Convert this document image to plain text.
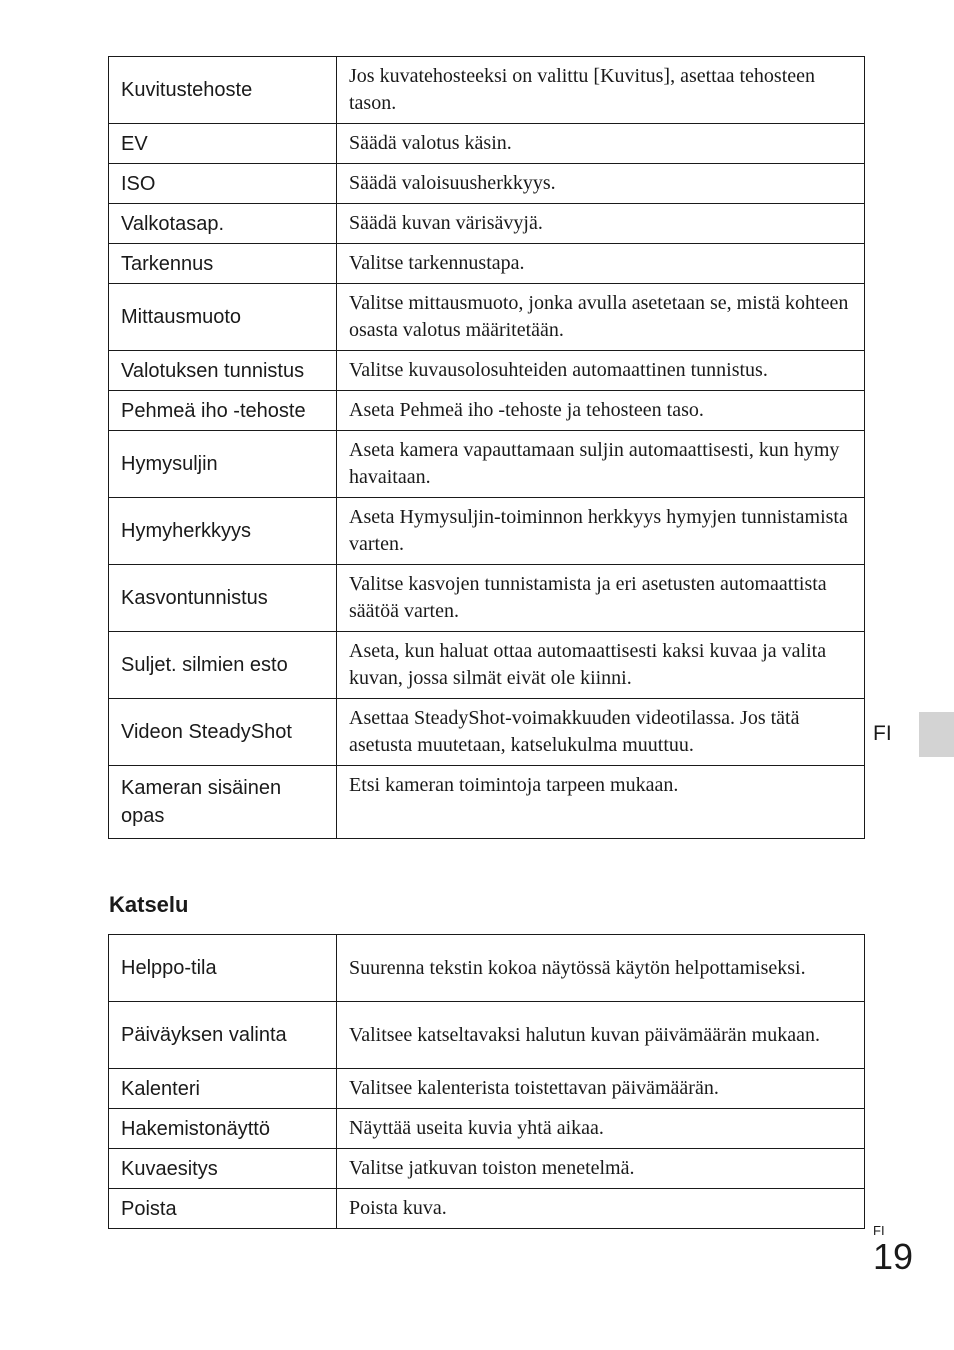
Kuvitustehoste	Jos kuvatehosteeksi on valittu [Kuvitus], asettaa tehosteen tason.
EV	Säädä valotus käsin.
ISO	Säädä valoisuusherkkyys.
Valkotasap.	Säädä kuvan värisävyjä.
Tarkennus	Valitse tarkennustapa.
Mittausmuoto	Valitse mittausmuoto, jonka avulla asetetaan se, mistä kohteen osasta valotus määritetään.
Valotuksen tunnistus	Valitse kuvausolosuhteiden automaattinen tunnistus.
Pehmeä iho -tehoste	Aseta Pehmeä iho -tehoste ja tehosteen taso.
Hymysuljin	Aseta kamera vapauttamaan suljin automaattisesti, kun hymy havaitaan.
Hymyherkkyys	Aseta Hymysuljin-toiminnon herkkyys hymyjen tunnistamista varten.
Kasvontunnistus	Valitse kasvojen tunnistamista ja eri asetusten automaattista säätöä varten.
Suljet. silmien esto	Aseta, kun haluat ottaa automaattisesti kaksi kuvaa ja valita kuvan, jossa silmät eivät ole kiinni.
Videon SteadyShot	Asettaa SteadyShot-voimakkuuden videotilassa. Jos tätä asetusta muutetaan, katselukulma muuttuu.
Kameran sisäinen opas	Etsi kameran toimintoja tarpeen mukaan.
Katselu
Helppo-tila	Suurenna tekstin kokoa näytössä käytön helpottamiseksi.
Päiväyksen valinta	Valitsee katseltavaksi halutun kuvan päivämäärän mukaan.
Kalenteri	Valitsee kalenterista toistettavan päivämäärän.
Hakemistonäyttö	Näyttää useita kuvia yhtä aikaa.
Kuvaesitys	Valitse jatkuvan toiston menetelmä.
Poista	Poista kuva.
FI
FI
19
